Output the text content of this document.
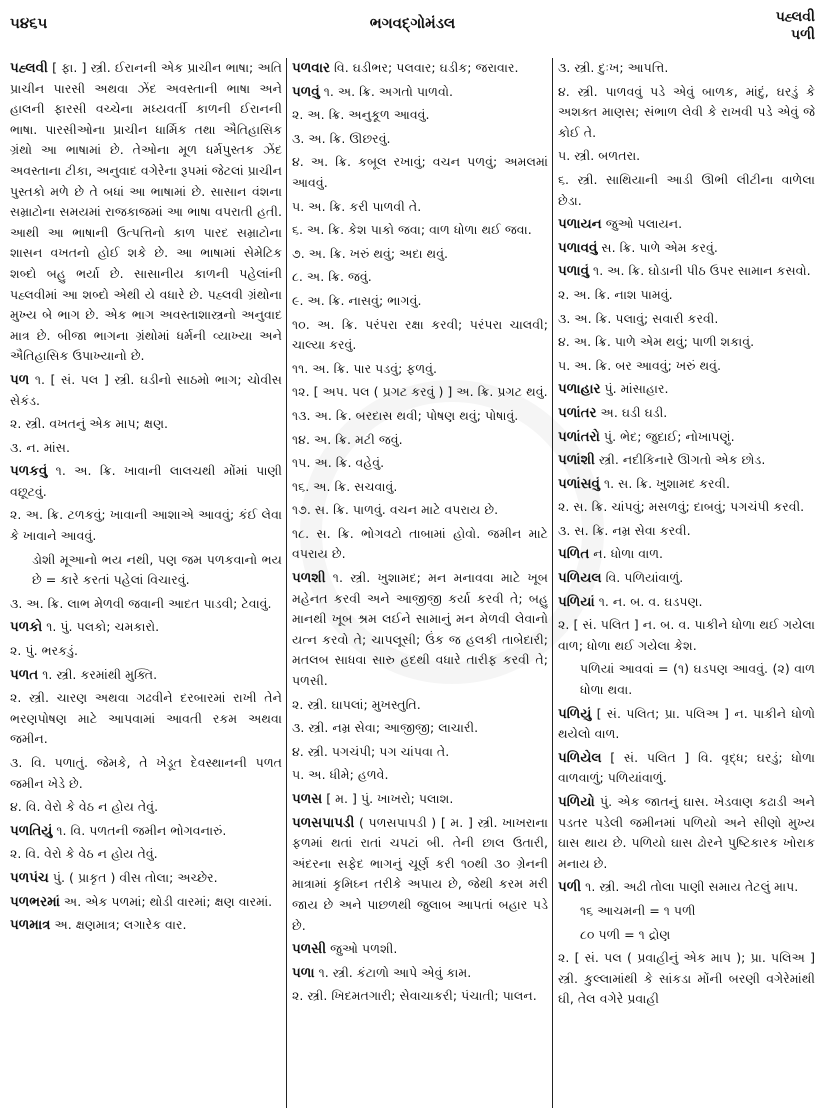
૫૪૬૫	ભગવદ્ગોમંડલ	પહ્લવી
પળી
પહ્લવી [ ફા. ] સ્ત્રી. ઈરાનની એક પ્રાચીન ભાષા; અતિ પ્રાચીન પારસી અથવા ઝેંદ અવસ્તાની ભાષા અને હાલની ફારસી વચ્ચેના મધ્યવર્તી કાળની ઈરાનની ભાષા. પારસીઓના પ્રાચીન ધાર્મિક તથા ઐતિહાસિક ગ્રંથો આ ભાષામાં છે. તેઓના મૂળ ધર્મપુસ્તક ઝેંદ અવસ્તાના ટીકા, અનુવાદ વગેરેના રૂપમાં જેટલાં પ્રાચીન પુસ્તકો મળે છે તે બધાં આ ભાષામાં છે. સાસાન વંશના સમ્રાટોના સમયમાં રાજકાજમાં આ ભાષા વપરાતી હતી. આથી આ ભાષાની ઉત્પત્તિનો કાળ પારદ સમ્રાટોના શાસન વખતનો હોઈ શકે છે. આ ભાષામાં સેમેટિક શબ્દો બહુ ભર્યા છે. સાસાનીય કાળની પહેલાંની પહ્લવીમાં આ શબ્દો એથી યે વધારે છે. પહ્લવી ગ્રંથોના મુખ્ય બે ભાગ છે. એક ભાગ અવસ્તાશાસ્ત્રનો અનુવાદ માત્ર છે. બીજા ભાગના ગ્રંથોમાં ધર્મની વ્યાખ્યા અને ઐતિહાસિક ઉપાખ્યાનો છે.
પળ ૧. [ સં. પલ ] સ્ત્રી. ઘડીનો સાઠમો ભાગ; ચોવીસ સેકંડ.
૨. સ્ત્રી. વખતનું એક માપ; ક્ષણ.
૩. ન. માંસ.
પળકવું ૧. અ. ક્રિ. ખાવાની લાલચથી મોંમાં પાણી વછૂટવું.
૨. અ. ક્રિ. ટળકવું; ખાવાની આશાએ આવવું; કંઈ લેવા કે ખાવાને આવવું.
ડોશી મૂઆનો ભય નથી, પણ જમ પળકવાનો ભય છે = કારે કરતાં પહેલાં વિચારવું.
૩. અ. ક્રિ. લાભ મેળવી જવાની આદત પાડવી; ટેવાવું.
પળકો ૧. પું. પલકો; ચમકારો.
૨. પું. ભરકડું.
પળત ૧. સ્ત્રી. કરમાંથી મુક્તિ.
૨. સ્ત્રી. ચારણ અથવા ગઢવીને દરબારમાં રાખી તેને ભરણપોષણ માટે આપવામાં આવતી રકમ અથવા જમીન.
૩. વિ. પળાતું. જેમકે, તે ખેડૂત દેવસ્થાનની પળત જમીન ખેડે છે.
૪. વિ. વેરો કે વેઠ ન હોય તેવું.
પળતિયું ૧. વિ. પળતની જમીન ભોગવનારું.
૨. વિ. વેરો કે વેઠ ન હોય તેવું.
પળપંચ પું. ( પ્રાકૃત ) વીસ તોલા; અચ્છેર.
પળભરમાં અ. એક પળમાં; થોડી વારમાં; ક્ષણ વારમાં.
પળમાત્ર અ. ક્ષણમાત્ર; લગારેક વાર.
પળવાર વિ. ઘડીભર; પલવાર; ઘડીક; જરાવાર.
પળવું ૧. અ. ક્રિ. અગતો પાળવો.
૨. અ. ક્રિ. અનુકૂળ આવવું.
૩. અ. ક્રિ. ઊછરવું.
૪. અ. ક્રિ. કબૂલ રખાવું; વચન પળવું; અમલમાં આવવું.
૫. અ. ક્રિ. કરી પાળવી તે.
૬. અ. ક્રિ. કેશ પાકો જવા; વાળ ધોળા થઈ જવા.
૭. અ. ક્રિ. ખરું થવું; અદા થવું.
૮. અ. ક્રિ. જવું.
૯. અ. ક્રિ. નાસવું; ભાગવું.
૧૦. અ. ક્રિ. પરંપરા રક્ષા કરવી; પરંપરા ચાલવી; ચાલ્યા કરવું.
૧૧. અ. ક્રિ. પાર પડવું; ફળવું.
૧૨. [ અપ. પલ ( પ્રગટ કરવું ) ] અ. ક્રિ. પ્રગટ થવું.
૧૩. અ. ક્રિ. બરદાસ થવી; પોષણ થવું; પોષાવું.
૧૪. અ. ક્રિ. મટી જવું.
૧૫. અ. ક્રિ. વહેવું.
૧૬. અ. ક્રિ. સચવાવું.
૧૭. સ. ક્રિ. પાળવું. વચન માટે વપરાય છે.
૧૮. સ. ક્રિ. ભોગવટો તાબામાં હોવો. જમીન માટે વપરાય છે.
પળશી ૧. સ્ત્રી. ખુશામદ; મન મનાવવા માટે ખૂબ મહેનત કરવી અને આજીજી કર્યા કરવી તે; બહુ માનથી ખૂબ શ્રમ લઈને સામાનું મન મેળવી લેવાનો યત્ન કરવો તે; ચાપલૂસી; ઉંક જ હલકી તાબેદારી; મતલબ સાધવા સારુ હદથી વધારે તારીફ કરવી તે; પળસી.
૨. સ્ત્રી. ઘાપલાં; મુખસ્તુતિ.
૩. સ્ત્રી. નમ્ર સેવા; આજીજી; લાચારી.
૪. સ્ત્રી. પગચંપી; પગ ચાંપવા તે.
૫. અ. ધીમે; હળવે.
પળસ [ મ. ] પું. ખાખરો; પલાશ.
પળસપાપડી ( પળસપાપડી ) [ મ. ] સ્ત્રી. ખાખરાના ફળમાં થતાં રાતાં ચપટાં બી. તેની છાલ ઉતારી, અંદરના સફેદ ભાગનું ચૂર્ણ કરી ૧૦થી ૩૦ ગ્રેનની માત્રામાં કૃમિઘ્ન તરીકે અપાય છે, જેથી કરમ મરી જાય છે અને પાછળથી જુલાબ આપતાં બહાર પડે છે.
પળસી જુઓ પળશી.
પળા ૧. સ્ત્રી. કંટાળો આપે એવું કામ.
૨. સ્ત્રી. ખિદમતગારી; સેવાચાકરી; પંચાતી; પાલન.
૩. સ્ત્રી. દુઃખ; આપત્તિ.
૪. સ્ત્રી. પાળવવું પડે એવું બાળક, માંદું, ઘરડું કે અશક્ત માણસ; સંભાળ લેવી કે રાખવી પડે એવું જે કોઈ તે.
૫. સ્ત્રી. બળતરા.
૬. સ્ત્રી. સાથિયાની આડી ઊભી લીટીના વાળેલા છેડા.
પળાયન જુઓ પલાયન.
પળાવવું સ. ક્રિ. પાળે એમ કરવું.
પળાવું ૧. અ. ક્રિ. ઘોડાની પીઠ ઉપર સામાન કસવો.
૨. અ. ક્રિ. નાશ પામવું.
૩. અ. ક્રિ. પલાવું; સવારી કરવી.
૪. અ. ક્રિ. પાળે એમ થવું; પાળી શકાવું.
૫. અ. ક્રિ. બર આવવું; ખરું થવું.
પળાહાર પું. માંસાહાર.
પળાંતર અ. ઘડી ઘડી.
પળાંતરો પું. ભેદ; જુદાઈ; નોખાપણું.
પળાંશી સ્ત્રી. નદીકિનારે ઊગતો એક છોડ.
પળાંસવું ૧. સ. ક્રિ. ખુશામદ કરવી.
૨. સ. ક્રિ. ચાંપવું; મસળવું; દાબવું; પગચંપી કરવી.
૩. સ. ક્રિ. નમ્ર સેવા કરવી.
પળિત ન. ધોળા વાળ.
પળિયલ વિ. પળિયાંવાળું.
પળિયાં ૧. ન. બ. વ. ઘડપણ.
૨. [ સં. પલિત ] ન. બ. વ. પાકીને ધોળા થઈ ગયેલા વાળ; ધોળા થઈ ગયેલા કેશ.
પળિયાં આવવાં = (૧) ઘડપણ આવવું. (૨) વાળ ધોળા થવા.
પળિયું [ સં. પલિત; પ્રા. પલિઅ ] ન. પાકીને ધોળો થયેલો વાળ.
પળિયેલ [ સં. પલિત ] વિ. વૃદ્ધ; ઘરડું; ધોળા વાળવાળું; પળિયાંવાળું.
પળિયો પું. એક જાતનું ઘાસ. ખેડવાણ કઢાડી અને પડતર પડેલી જમીનમાં પળિયો અને સીણો મુખ્ય ઘાસ થાય છે. પળિયો ઘાસ ઢોરને પુષ્ટિકારક ખોરાક મનાય છે.
પળી ૧. સ્ત્રી. અઢી તોલા પાણી સમાય તેટલું માપ.
૧૬ આચમની = ૧ પળી
૮૦ પળી = ૧ દ્રોણ
૨. [ સં. પલ ( પ્રવાહીનું એક માપ ); પ્રા. પલિઅ ] સ્ત્રી. કુલ્લામાંથી કે સાંકડા મોંની બરણી વગેરેમાંથી ઘી, તેલ વગેરે પ્રવાહી
